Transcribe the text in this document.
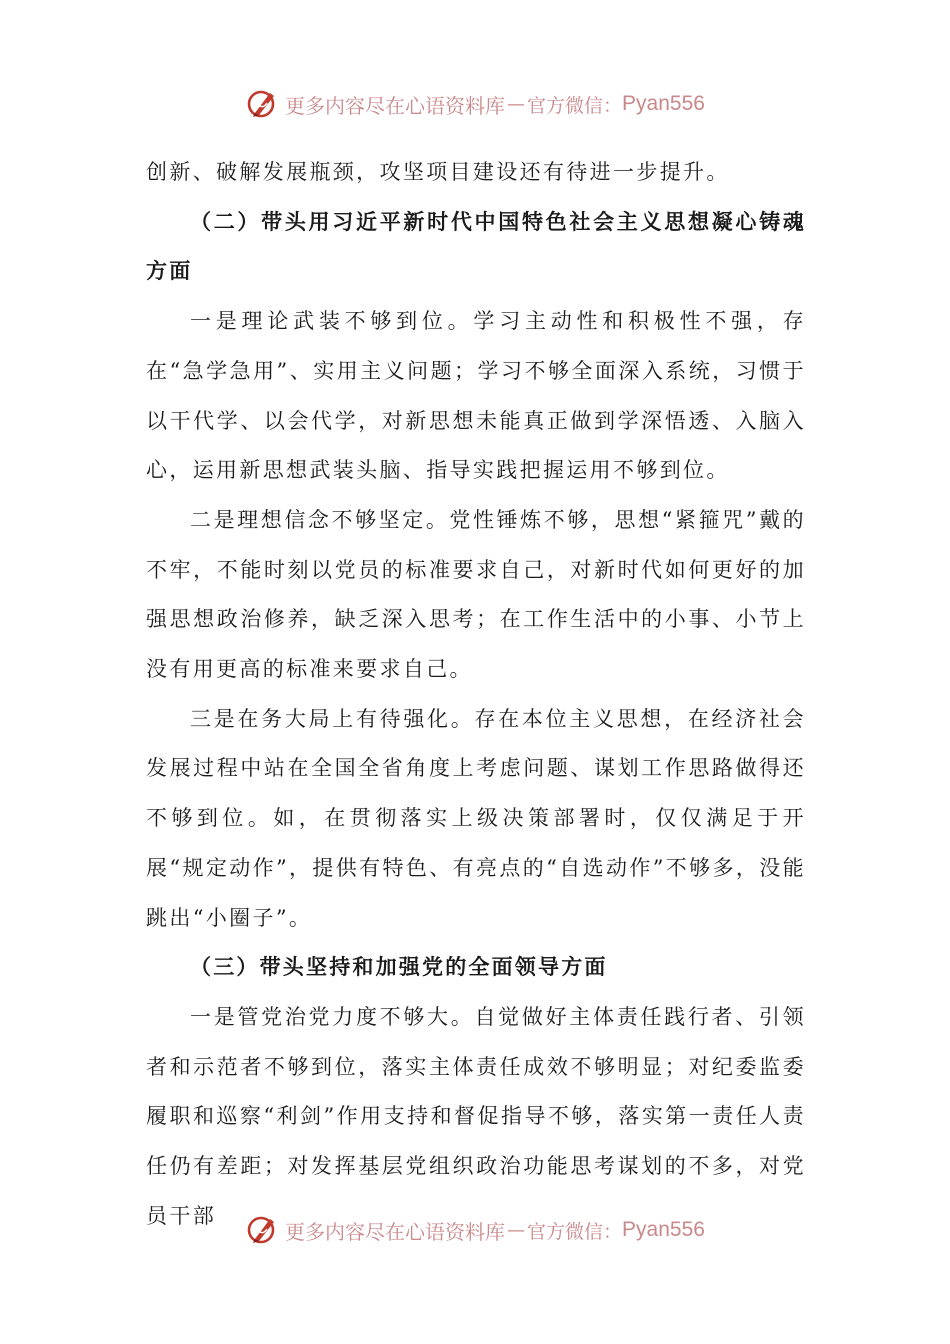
更多内容尽在心语资料库 — 官方微信： Pyan556

创新、破解发展瓶颈，攻坚项目建设还有待进一步提升。

（二）带头用习近平新时代中国特色社会主义思想凝心铸魂方面

一是理论武装不够到位。学习主动性和积极性不强，存在“急学急用”、实用主义问题；学习不够全面深入系统，习惯于以干代学、以会代学，对新思想未能真正做到学深悟透、入脑入心，运用新思想武装头脑、指导实践把握运用不够到位。

二是理想信念不够坚定。党性锤炼不够，思想“紧箍咒”戴的不牢，不能时刻以党员的标准要求自己，对新时代如何更好的加强思想政治修养，缺乏深入思考；在工作生活中的小事、小节上没有用更高的标准来要求自己。

三是在务大局上有待强化。存在本位主义思想，在经济社会发展过程中站在全国全省角度上考虑问题、谋划工作思路做得还不够到位。如，在贯彻落实上级决策部署时，仅仅满足于开展“规定动作”，提供有特色、有亮点的“自选动作”不够多，没能跳出“小圈子”。

（三）带头坚持和加强党的全面领导方面

一是管党治党力度不够大。自觉做好主体责任践行者、引领者和示范者不够到位，落实主体责任成效不够明显；对纪委监委履职和巡察“利剑”作用支持和督促指导不够，落实第一责任人责任仍有差距；对发挥基层党组织政治功能思考谋划的不多，对党员干部

更多内容尽在心语资料库 — 官方微信： Pyan556
